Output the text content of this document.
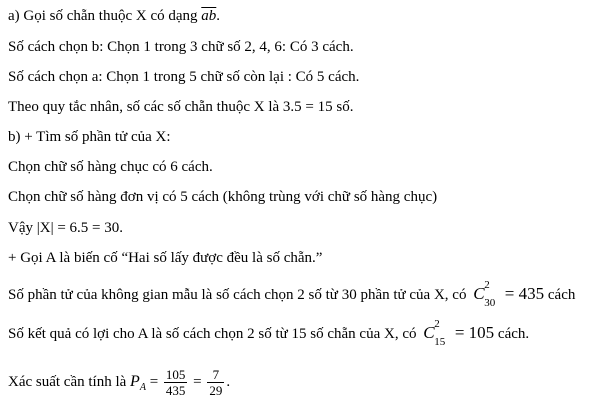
a) Gọi số chẵn thuộc X có dạng $\overline{ab}$.
Số cách chọn b: Chọn 1 trong 3 chữ số 2, 4, 6: Có 3 cách.
Số cách chọn a: Chọn 1 trong 5 chữ số còn lại : Có 5 cách.
Theo quy tắc nhân, số các số chẵn thuộc X là 3.5 = 15 số.
b) + Tìm số phần tử của X:
Chọn chữ số hàng chục có 6 cách.
Chọn chữ số hàng đơn vị có 5 cách (không trùng với chữ số hàng chục)
Vậy |X| = 6.5 = 30.
+ Gọi A là biến cố “Hai số lấy được đều là số chẵn.”
Số phần tử của không gian mẫu là số cách chọn 2 số từ 30 phần tử của X, có C 2
30 = 435 cách
Số kết quả có lợi cho A là số cách chọn 2 số từ 15 số chẵn của X, có C 2
15 = 105 cách.
Xác suất cần tính là $P_A = \frac{105}{435} = \frac{7}{29}$ .
